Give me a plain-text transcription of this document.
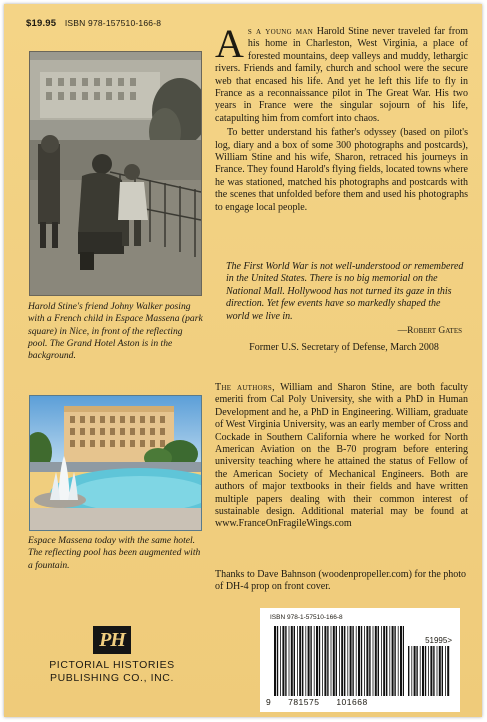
$19.95 ISBN 978-157510-166-8
Harold Stine's friend Johny Walker posing with a French child in Espace Massena (park square) in Nice, in front of the reflecting pool. The Grand Hotel Aston is in the background.
Espace Massena today with the same hotel. The reflecting pool has been augmented with a fountain.

As a young man Harold Stine never traveled far from his home in Charleston, West Virginia, a place of forested mountains, deep valleys and muddy, lethargic rivers. Friends and family, church and school were the secure web that encased his life. And yet he left this life to fly in France as a reconnaissance pilot in The Great War. His two years in France were the singular sojourn of his life, catapulting him from comfort into chaos.

To better understand his father's odyssey (based on pilot's log, diary and a box of some 300 photographs and postcards), William Stine and his wife, Sharon, retraced his journeys in France. They found Harold's flying fields, located towns where he was stationed, matched his photographs and postcards with the scenes that unfolded before them and used his photographs to engage local people.

The First World War is not well-understood or remembered in the United States. There is no big memorial on the National Mall. Hollywood has not turned its gaze in this direction. Yet few events have so markedly shaped the world we live in.
—Robert Gates
Former U.S. Secretary of Defense, March 2008

The authors, William and Sharon Stine, are both faculty emeriti from Cal Poly University, she with a PhD in Human Development and he, a PhD in Engineering. William, graduate of West Virginia University, was an early member of Cross and Cockade in Southern California where he worked for North American Aviation on the B-70 program before entering university teaching where he attained the status of Fellow of the American Society of Mechanical Engineers. Both are authors of major textbooks in their fields and have written multiple papers dealing with their common interest of sustainable design. Additional material may be found at www.FranceOnFragileWings.com

Thanks to Dave Bahnson (woodenpropeller.com) for the photo of DH-4 prop on front cover.

PH
PICTORIAL HISTORIES
PUBLISHING CO., INC.
ISBN 978-1-57510-166-8
51995>
9 781575 101668
